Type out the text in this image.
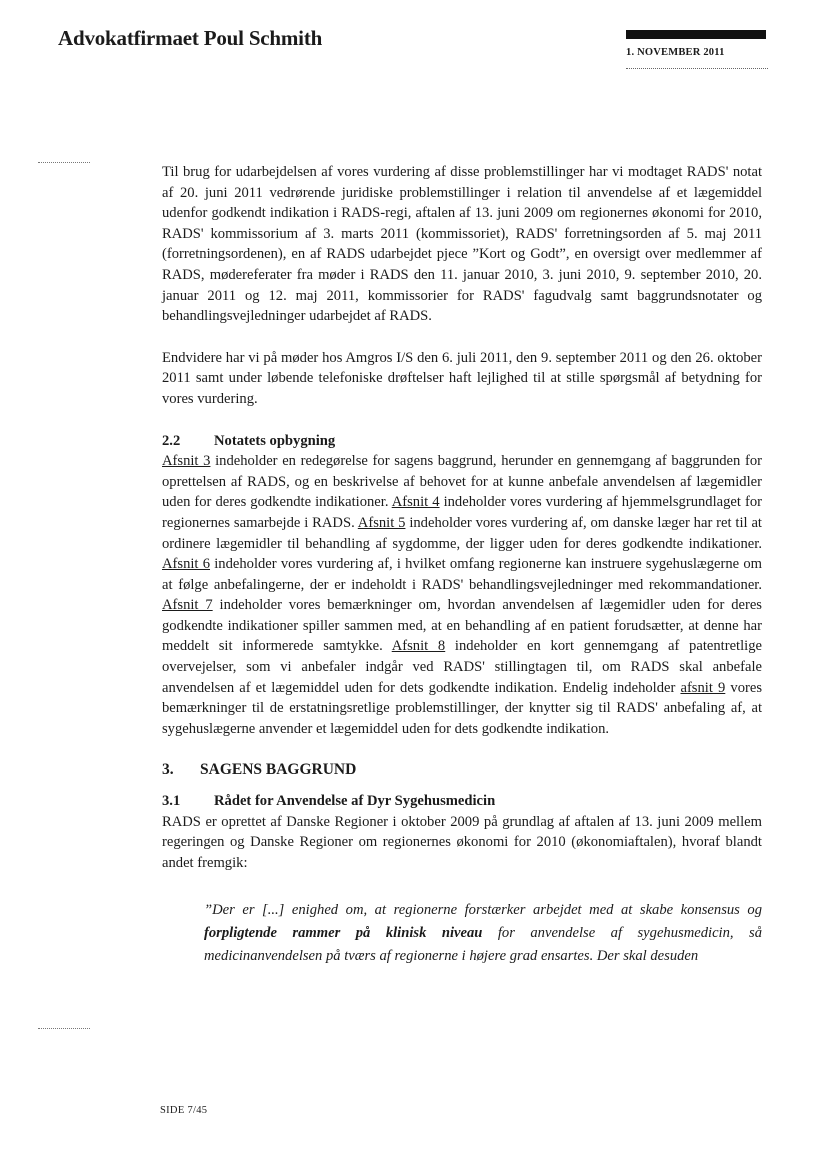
Advokatfirmaet Poul Schmith
1. NOVEMBER 2011

Til brug for udarbejdelsen af vores vurdering af disse problemstillinger har vi modtaget RADS' notat af 20. juni 2011 vedrørende juridiske problemstillinger i relation til anvendelse af et lægemiddel udenfor godkendt indikation i RADS-regi, aftalen af 13. juni 2009 om regionernes økonomi for 2010, RADS' kommissorium af 3. marts 2011 (kommissoriet), RADS' forretningsorden af 5. maj 2011 (forretningsordenen), en af RADS udarbejdet pjece ”Kort og Godt”, en oversigt over medlemmer af RADS, mødereferater fra møder i RADS den 11. januar 2010, 3. juni 2010, 9. september 2010, 20. januar 2011 og 12. maj 2011, kommissorier for RADS' fagudvalg samt baggrundsnotater og behandlingsvejledninger udarbejdet af RADS.

Endvidere har vi på møder hos Amgros I/S den 6. juli 2011, den 9. september 2011 og den 26. oktober 2011 samt under løbende telefoniske drøftelser haft lejlighed til at stille spørgsmål af betydning for vores vurdering.

2.2 Notatets opbygning

Afsnit 3 indeholder en redegørelse for sagens baggrund, herunder en gennemgang af baggrunden for oprettelsen af RADS, og en beskrivelse af behovet for at kunne anbefale anvendelsen af lægemidler uden for deres godkendte indikationer. Afsnit 4 indeholder vores vurdering af hjemmelsgrundlaget for regionernes samarbejde i RADS. Afsnit 5 indeholder vores vurdering af, om danske læger har ret til at ordinere lægemidler til behandling af sygdomme, der ligger uden for deres godkendte indikationer. Afsnit 6 indeholder vores vurdering af, i hvilket omfang regionerne kan instruere sygehuslægerne om at følge anbefalingerne, der er indeholdt i RADS' behandlingsvejledninger med rekommandationer. Afsnit 7 indeholder vores bemærkninger om, hvordan anvendelsen af lægemidler uden for deres godkendte indikationer spiller sammen med, at en behandling af en patient forudsætter, at denne har meddelt sit informerede samtykke. Afsnit 8 indeholder en kort gennemgang af patentretlige overvejelser, som vi anbefaler indgår ved RADS' stillingtagen til, om RADS skal anbefale anvendelsen af et lægemiddel uden for dets godkendte indikation. Endelig indeholder afsnit 9 vores bemærkninger til de erstatningsretlige problemstillinger, der knytter sig til RADS' anbefaling af, at sygehuslægerne anvender et lægemiddel uden for dets godkendte indikation.

3. SAGENS BAGGRUND
3.1 Rådet for Anvendelse af Dyr Sygehusmedicin

RADS er oprettet af Danske Regioner i oktober 2009 på grundlag af aftalen af 13. juni 2009 mellem regeringen og Danske Regioner om regionernes økonomi for 2010 (økonomiaftalen), hvoraf blandt andet fremgik:

”Der er [...] enighed om, at regionerne forstærker arbejdet med at skabe konsensus og forpligtende rammer på klinisk niveau for anvendelse af sygehusmedicin, så medicinanvendelsen på tværs af regionerne i højere grad ensartes. Der skal desuden
SIDE 7/45
